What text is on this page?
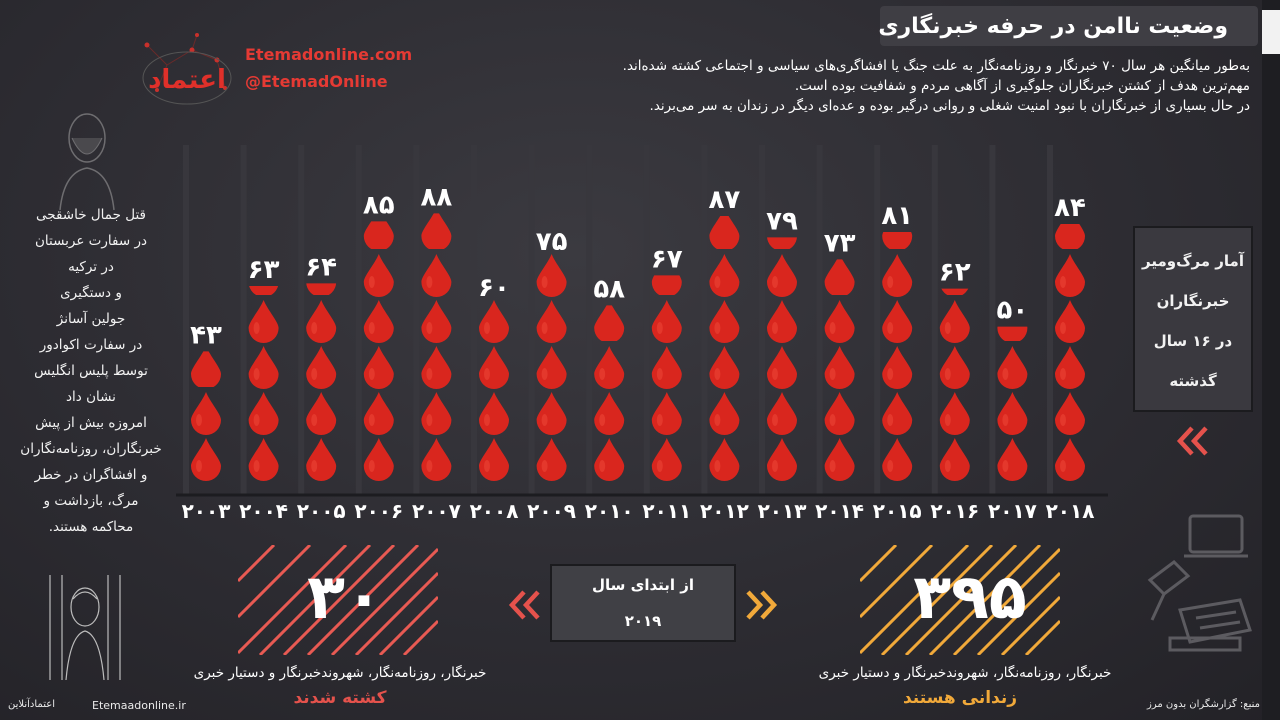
وضعیت ناامن در حرفه خبرنگاری
به‌طور میانگین هر سال ۷۰ خبرنگار و روزنامه‌نگار به علت جنگ یا افشاگری‌های سیاسی و اجتماعی کشته شده‌اند.
مهم‌ترین هدف از کشتن خبرنگاران جلوگیری از آگاهی مردم و شفافیت بوده است.
در حال بسیاری از خبرنگاران با نبود امنیت شغلی و روانی درگیر بوده و عده‌ای دیگر در زندان به سر می‌برند.
اعتماد
Etemadonline.com
@EtemadOnline
قتل جمال خاشقجی
در سفارت عربستان
در ترکیه
و دستگیری
جولین آسانژ
در سفارت اکوادور
توسط پلیس انگلیس
نشان داد
امروزه بیش از پیش
خبرنگاران، روزنامه‌نگاران
و افشاگران در خطر
مرگ، بازداشت و
محاکمه هستند.
۴۳
۲۰۰۳
۶۳
۲۰۰۴
۶۴
۲۰۰۵
۸۵
۲۰۰۶
۸۸
۲۰۰۷
۶۰
۲۰۰۸
۷۵
۲۰۰۹
۵۸
۲۰۱۰
۶۷
۲۰۱۱
۸۷
۲۰۱۲
۷۹
۲۰۱۳
۷۳
۲۰۱۴
۸۱
۲۰۱۵
۶۲
۲۰۱۶
۵۰
۲۰۱۷
۸۴
۲۰۱۸
آمار مرگ‌ومیر
خبرنگاران
در ۱۶ سال
گذشته
۳۰	۳۹۵
از ابتدای سال
۲۰۱۹
خبرنگار، روزنامه‌نگار، شهروندخبرنگار و دستیار خبری	خبرنگار، روزنامه‌نگار، شهروندخبرنگار و دستیار خبری
کشته شدند	زندانی هستند	منبع: گزارشگران بدون مرز
Etemaadonline.ir
اعتمادآنلاین
